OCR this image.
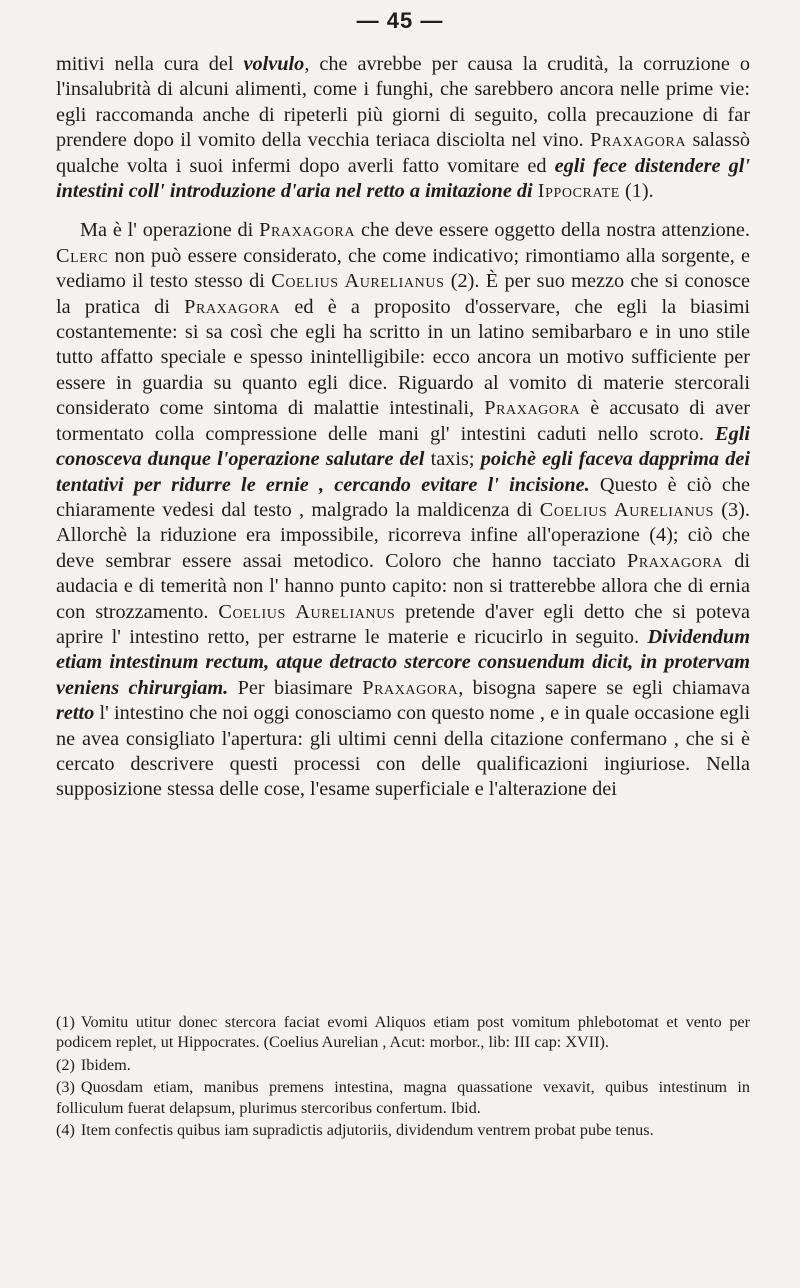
— 45 —

mitivi nella cura del volvulo, che avrebbe per causa la crudità, la corruzione o l'insalubrità di alcuni alimenti, come i funghi, che sarebbero ancora nelle prime vie: egli raccomanda anche di ripeterli più giorni di seguito, colla precauzione di far prendere dopo il vomito della vecchia teriaca disciolta nel vino. Praxagora salassò qualche volta i suoi infermi dopo averli fatto vomitare ed egli fece distendere gl' intestini coll' introduzione d'aria nel retto a imitazione di Ippocrate (1).

Ma è l' operazione di Praxagora che deve essere oggetto della nostra attenzione. Clerc non può essere considerato, che come indicativo; rimontiamo alla sorgente, e vediamo il testo stesso di Coelius Aurelianus (2). È per suo mezzo che si conosce la pratica di Praxagora ed è a proposito d'osservare, che egli la biasimi costantemente: si sa così che egli ha scritto in un latino semibarbaro e in uno stile tutto affatto speciale e spesso inintelligibile: ecco ancora un motivo sufficiente per essere in guardia su quanto egli dice. Riguardo al vomito di materie stercorali considerato come sintoma di malattie intestinali, Praxagora è accusato di aver tormentato colla compressione delle mani gl' intestini caduti nello scroto. Egli conosceva dunque l'operazione salutare del taxis; poichè egli faceva dapprima dei tentativi per ridurre le ernie , cercando evitare l' incisione. Questo è ciò che chiaramente vedesi dal testo , malgrado la maldicenza di Coelius Aurelianus (3). Allorchè la riduzione era impossibile, ricorreva infine all'operazione (4); ciò che deve sembrar essere assai metodico. Coloro che hanno tacciato Praxagora di audacia e di temerità non l' hanno punto capito: non si tratterebbe allora che di ernia con strozzamento. Coelius Aurelianus pretende d'aver egli detto che si poteva aprire l' intestino retto, per estrarne le materie e ricucirlo in seguito. Dividendum etiam intestinum rectum, atque detracto stercore consuendum dicit, in protervam veniens chirurgiam. Per biasimare Praxagora, bisogna sapere se egli chiamava retto l' intestino che noi oggi conosciamo con questo nome , e in quale occasione egli ne avea consigliato l'apertura: gli ultimi cenni della citazione confermano , che si è cercato descrivere questi processi con delle qualificazioni ingiuriose. Nella supposizione stessa delle cose, l'esame superficiale e l'alterazione dei

(1) Vomitu utitur donec stercora faciat evomi Aliquos etiam post vomitum phlebotomat et vento per podicem replet, ut Hippocrates. (Coelius Aurelian , Acut: morbor., lib: III cap: XVII).

(2) Ibidem.

(3) Quosdam etiam, manibus premens intestina, magna quassatione vexavit, quibus intestinum in folliculum fuerat delapsum, plurimus stercoribus confertum. Ibid.

(4) Item confectis quibus iam supradictis adjutoriis, dividendum ventrem probat pube tenus.
